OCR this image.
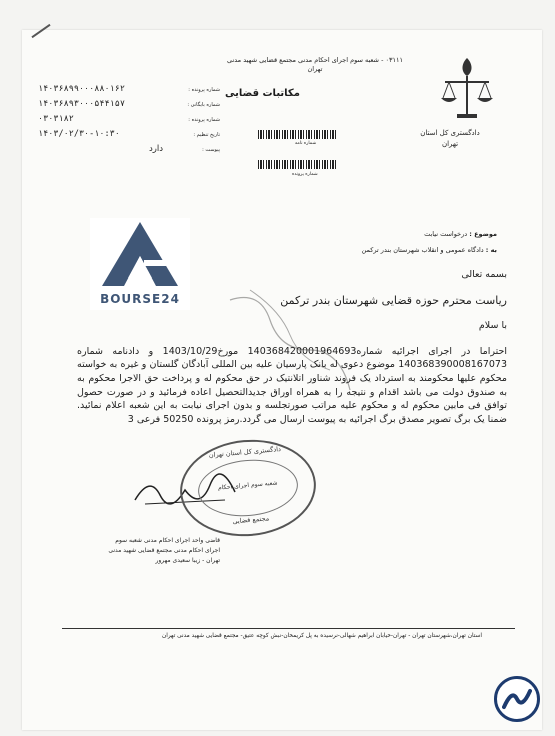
دادگستری کل استان
تهران
۰۳۱۱۱ - شعبه سوم اجرای احکام مدنی مجتمع قضایی شهید مدنی
تهران
مکاتبات قضایی
شماره نامه
شماره پرونده
شماره پرونده :
شماره بایگانی :
شماره پرونده :
تاریخ تنظیم :
پیوست :
۱۴۰۳۶۸۹۹۰۰۰۸۸۰۱۶۲
۱۴۰۳۶۸۹۳۰۰۰۵۴۴۱۵۷
۰۳۰۳۱۸۲
۱۴۰۳/۰۲/۳۰-۱۰:۳۰
دارد
موضوع : درخواست نیابت
به : دادگاه عمومی و انقلاب شهرستان بندر ترکمن
BOURSE24
بسمه تعالی
ریاست محترم حوزه قضایی شهرستان بندر ترکمن
با سلام
احتراما در اجرای اجرائیه شماره140368420001964693 مورخ1403/10/29 و دادنامه شماره 140368390008167073 موضوع دعوی له بانک پارسیان علیه بین المللی آبادگان گلستان و غیره به خواسته محکوم علیها محکومند به استرداد یک فروند شناور اتلانتیک در حق محکوم له و پرداخت حق الاجرا محکوم به به صندوق دولت می باشد اقدام و نتیجه را به همراه اوراق جدیدالتحصیل اعاده فرمائید و در صورت حصول توافق فی مابین محکوم له و محکوم علیه مراتب صورتجلسه و بدون اجرای نیابت به این شعبه اعلام نمائید. ضمنا یک برگ تصویر مصدق برگ اجرائیه به پیوست ارسال می گردد.رمز پرونده 50250 فرعی 3
دادگستری کل استان تهران
شعبه سوم اجرای احکام
مجتمع قضایی
قاضی واحد اجرای احکام مدنی شعبه سوم
اجرای احکام مدنی مجتمع قضایی شهید مدنی
تهران - زیبا سعیدی مهرور
استان تهران،شهرستان تهران - تهران-خیابان ابراهیم شهالی-نرسیده به پل کریمخان-نبش کوچه عتیق- مجتمع قضایی شهید مدنی تهران
